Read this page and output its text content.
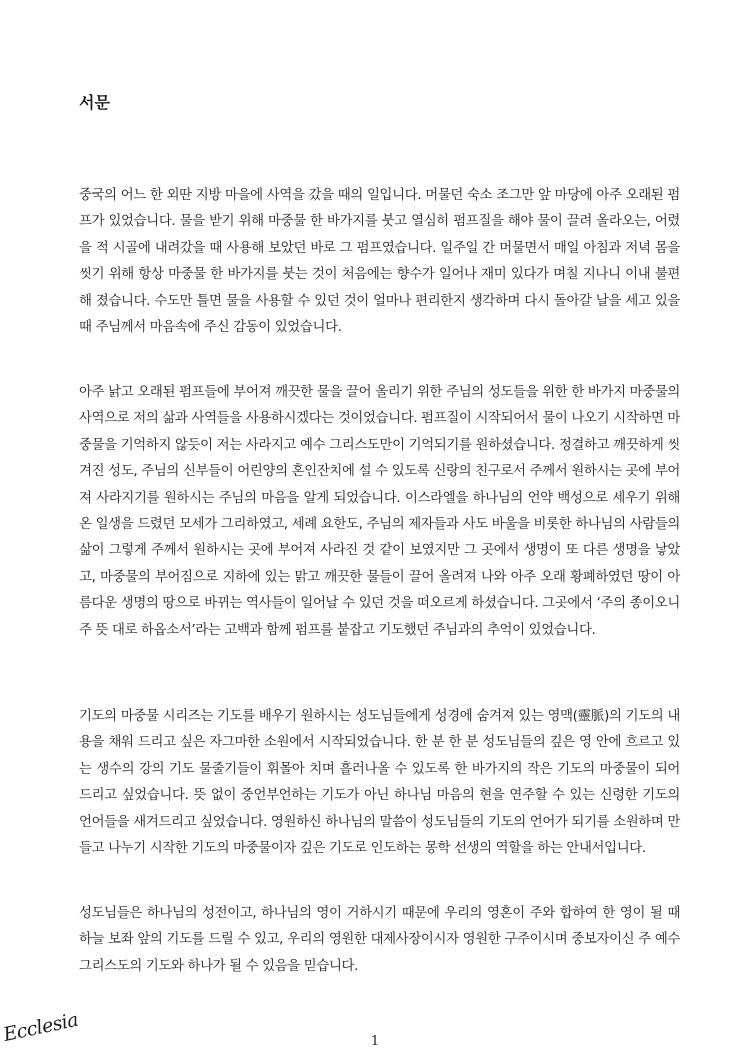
서문

중국의 어느 한 외딴 지방 마을에 사역을 갔을 때의 일입니다. 머물던 숙소 조그만 앞 마당에 아주 오래된 펌프가 있었습니다. 물을 받기 위해 마중물 한 바가지를 붓고 열심히 펌프질을 해야 물이 끌려 올라오는, 어렸을 적 시골에 내려갔을 때 사용해 보았던 바로 그 펌프였습니다. 일주일 간 머물면서 매일 아침과 저녁 몸을 씻기 위해 항상 마중물 한 바가지를 붓는 것이 처음에는 향수가 일어나 재미 있다가 며칠 지나니 이내 불편해 졌습니다. 수도만 틀면 물을 사용할 수 있던 것이 얼마나 편리한지 생각하며 다시 돌아갈 날을 세고 있을 때 주님께서 마음속에 주신 감동이 있었습니다.

아주 낡고 오래된 펌프들에 부어져 깨끗한 물을 끌어 올리기 위한 주님의 성도들을 위한 한 바가지 마중물의 사역으로 저의 삶과 사역들을 사용하시겠다는 것이었습니다. 펌프질이 시작되어서 물이 나오기 시작하면 마중물을 기억하지 않듯이 저는 사라지고 예수 그리스도만이 기억되기를 원하셨습니다. 정결하고 깨끗하게 씻겨진 성도, 주님의 신부들이 어린양의 혼인잔치에 설 수 있도록 신랑의 친구로서 주께서 원하시는 곳에 부어져 사라지기를 원하시는 주님의 마음을 알게 되었습니다. 이스라엘을 하나님의 언약 백성으로 세우기 위해 온 일생을 드렸던 모세가 그리하였고, 세례 요한도, 주님의 제자들과 사도 바울을 비롯한 하나님의 사람들의 삶이 그렇게 주께서 원하시는 곳에 부어져 사라진 것 같이 보였지만 그 곳에서 생명이 또 다른 생명을 낳았고, 마중물의 부어짐으로 지하에 있는 맑고 깨끗한 물들이 끌어 올려져 나와 아주 오래 황폐하였던 땅이 아름다운 생명의 땅으로 바뀌는 역사들이 일어날 수 있던 것을 떠오르게 하셨습니다. 그곳에서 ‘주의 종이오니 주 뜻 대로 하옵소서’라는 고백과 함께 펌프를 붙잡고 기도했던 주님과의 추억이 있었습니다.

기도의 마중물 시리즈는 기도를 배우기 원하시는 성도님들에게 성경에 숨겨져 있는 영맥(靈脈)의 기도의 내용을 채워 드리고 싶은 자그마한 소원에서 시작되었습니다. 한 분 한 분 성도님들의 깊은 영 안에 흐르고 있는 생수의 강의 기도 물줄기들이 휘몰아 치며 흘러나올 수 있도록 한 바가지의 작은 기도의 마중물이 되어 드리고 싶었습니다. 뜻 없이 중언부언하는 기도가 아닌 하나님 마음의 현을 연주할 수 있는 신령한 기도의 언어들을 새겨드리고 싶었습니다. 영원하신 하나님의 말씀이 성도님들의 기도의 언어가 되기를 소원하며 만들고 나누기 시작한 기도의 마중물이자 깊은 기도로 인도하는 몽학 선생의 역할을 하는 안내서입니다.

성도님들은 하나님의 성전이고, 하나님의 영이 거하시기 때문에 우리의 영혼이 주와 합하여 한 영이 될 때 하늘 보좌 앞의 기도를 드릴 수 있고, 우리의 영원한 대제사장이시자 영원한 구주이시며 중보자이신 주 예수 그리스도의 기도와 하나가 될 수 있음을 믿습니다.

Ecclesia	1
